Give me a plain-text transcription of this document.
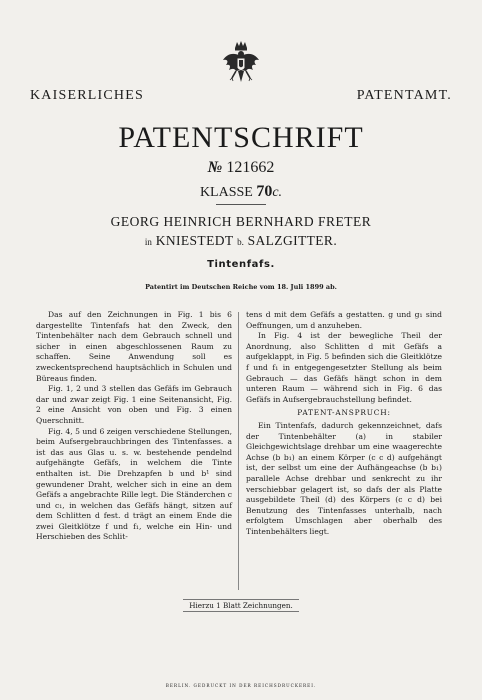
KAISERLICHES	PATENTAMT.
PATENTSCHRIFT
№ 121662
KLASSE 70c.
GEORG HEINRICH BERNHARD FRETER
in KNIESTEDT b. SALZGITTER.
Tintenfafs.
Patentirt im Deutschen Reiche vom 18. Juli 1899 ab.

Das auf den Zeichnungen in Fig. 1 bis 6 dargestellte Tintenfafs hat den Zweck, den Tintenbehälter nach dem Gebrauch schnell und sicher in einen abgeschlossenen Raum zu schaffen. Seine Anwendung soll es zweckentsprechend hauptsächlich in Schulen und Büreaus finden.

Fig. 1, 2 und 3 stellen das Gefäfs im Gebrauch dar und zwar zeigt Fig. 1 eine Seitenansicht, Fig. 2 eine Ansicht von oben und Fig. 3 einen Querschnitt.

Fig. 4, 5 und 6 zeigen verschiedene Stellungen, beim Aufsergebrauchbringen des Tintenfasses. a ist das aus Glas u. s. w. bestehende pendelnd aufgehängte Gefäfs, in welchem die Tinte enthalten ist. Die Drehzapfen b und b¹ sind gewundener Draht, welcher sich in eine an dem Gefäfs a angebrachte Rille legt. Die Ständerchen c und c₁, in welchen das Gefäfs hängt, sitzen auf dem Schlitten d fest. d trägt an einem Ende die zwei Gleitklötze f und f₁, welche ein Hin- und Herschieben des Schlit-

tens d mit dem Gefäfs a gestatten. g und g₁ sind Oeffnungen, um d anzuheben.

In Fig. 4 ist der bewegliche Theil der Anordnung, also Schlitten d mit Gefäfs a aufgeklappt, in Fig. 5 befinden sich die Gleitklötze f und f₁ in entgegengesetzter Stellung als beim Gebrauch — das Gefäfs hängt schon in dem unteren Raum — während sich in Fig. 6 das Gefäfs in Aufsergebrauchstellung befindet.

PATENT-ANSPRUCH:

Ein Tintenfafs, dadurch gekennzeichnet, dafs der Tintenbehälter (a) in stabiler Gleichgewichtslage drehbar um eine waagerechte Achse (b b₁) an einem Körper (c c d) aufgehängt ist, der selbst um eine der Aufhängeachse (b b₁) parallele Achse drehbar und senkrecht zu ihr verschiebbar gelagert ist, so dafs der als Platte ausgebildete Theil (d) des Körpers (c c d) bei Benutzung des Tintenfasses unterhalb, nach erfolgtem Umschlagen aber oberhalb des Tintenbehälters liegt.

Hierzu 1 Blatt Zeichnungen.
BERLIN. GEDRUCKT IN DER REICHSDRUCKEREI.
